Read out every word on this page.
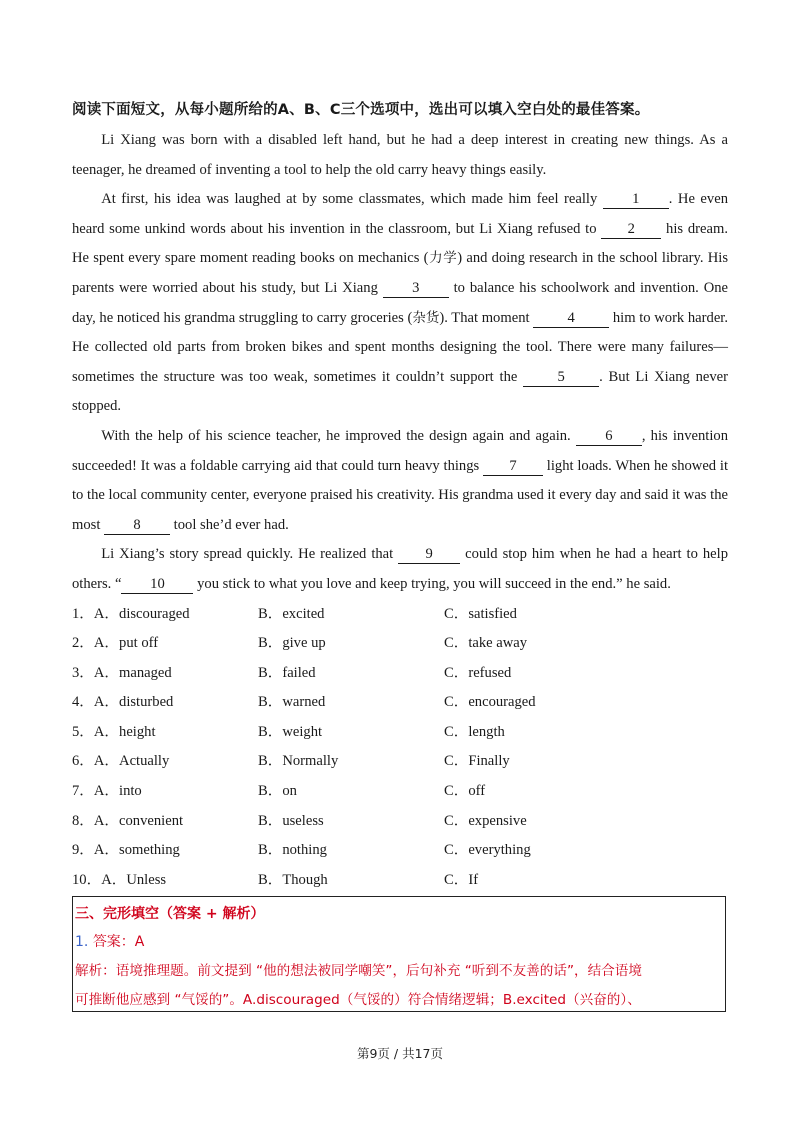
阅读下面短文，从每小题所给的A、B、C三个选项中，选出可以填入空白处的最佳答案。

Li Xiang was born with a disabled left hand, but he had a deep interest in creating new things. As a teenager, he dreamed of inventing a tool to help the old carry heavy things easily.

At first, his idea was laughed at by some classmates, which made him feel really 1 . He even heard some unkind words about his invention in the classroom, but Li Xiang refused to 2 his dream. He spent every spare moment reading books on mechanics (力学) and doing research in the school library. His parents were worried about his study, but Li Xiang 3 to balance his schoolwork and invention. One day, he noticed his grandma struggling to carry groceries (杂货). That moment 4 him to work harder. He collected old parts from broken bikes and spent months designing the tool. There were many failures—sometimes the structure was too weak, sometimes it couldn’t support the 5 . But Li Xiang never stopped.

With the help of his science teacher, he improved the design again and again. 6 , his invention succeeded! It was a foldable carrying aid that could turn heavy things 7 light loads. When he showed it to the local community center, everyone praised his creativity. His grandma used it every day and said it was the most 8 tool she’d ever had.

Li Xiang’s story spread quickly. He realized that 9 could stop him when he had a heart to help others. “ 10 you stick to what you love and keep trying, you will succeed in the end.” he said.

1．A．discouraged	B．excited	C．satisfied
2．A．put off	B．give up	C．take away
3．A．managed	B．failed	C．refused
4．A．disturbed	B．warned	C．encouraged
5．A．height	B．weight	C．length
6．A．Actually	B．Normally	C．Finally
7．A．into	B．on	C．off
8．A．convenient	B．useless	C．expensive
9．A．something	B．nothing	C．everything
10．A．Unless	B．Though	C．If
三、完形填空（答案 + 解析）
1. 答案：A
解析：语境推理题。前文提到 “他的想法被同学嘲笑”，后句补充 “听到不友善的话”，结合语境
可推断他应感到 “气馁的”。A.discouraged（气馁的）符合情绪逻辑；B.excited（兴奋的）、
第9页 / 共17页
